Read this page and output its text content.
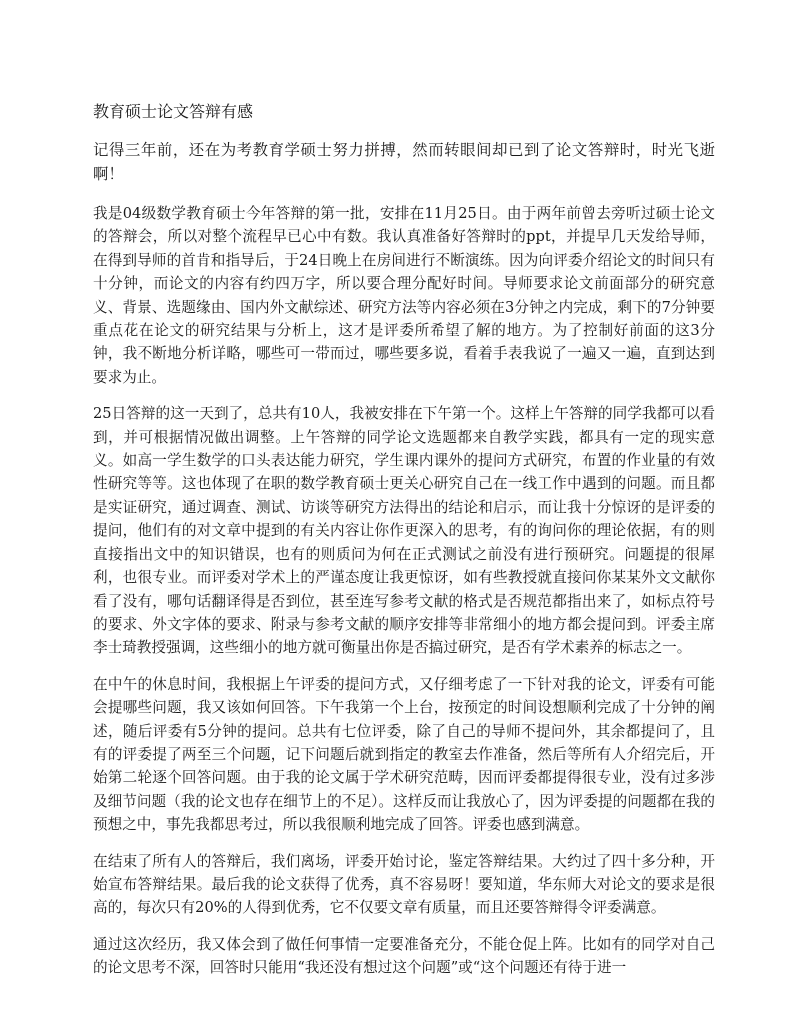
教育硕士论文答辩有感

记得三年前，还在为考教育学硕士努力拼搏，然而转眼间却已到了论文答辩时，时光飞逝啊！

我是04级数学教育硕士今年答辩的第一批，安排在11月25日。由于两年前曾去旁听过硕士论文的答辩会，所以对整个流程早已心中有数。我认真准备好答辩时的ppt，并提早几天发给导师，在得到导师的首肯和指导后，于24日晚上在房间进行不断演练。因为向评委介绍论文的时间只有十分钟，而论文的内容有约四万字，所以要合理分配好时间。导师要求论文前面部分的研究意义、背景、选题缘由、国内外文献综述、研究方法等内容必须在3分钟之内完成，剩下的7分钟要重点花在论文的研究结果与分析上，这才是评委所希望了解的地方。为了控制好前面的这3分钟，我不断地分析详略，哪些可一带而过，哪些要多说，看着手表我说了一遍又一遍，直到达到要求为止。

25日答辩的这一天到了，总共有10人，我被安排在下午第一个。这样上午答辩的同学我都可以看到，并可根据情况做出调整。上午答辩的同学论文选题都来自教学实践，都具有一定的现实意义。如高一学生数学的口头表达能力研究，学生课内课外的提问方式研究，布置的作业量的有效性研究等等。这也体现了在职的数学教育硕士更关心研究自己在一线工作中遇到的问题。而且都是实证研究，通过调查、测试、访谈等研究方法得出的结论和启示，而让我十分惊讶的是评委的提问，他们有的对文章中提到的有关内容让你作更深入的思考，有的询问你的理论依据，有的则直接指出文中的知识错误，也有的则质问为何在正式测试之前没有进行预研究。问题提的很犀利，也很专业。而评委对学术上的严谨态度让我更惊讶，如有些教授就直接问你某某外文文献你看了没有，哪句话翻译得是否到位，甚至连写参考文献的格式是否规范都指出来了，如标点符号的要求、外文字体的要求、附录与参考文献的顺序安排等非常细小的地方都会提问到。评委主席李士琦教授强调，这些细小的地方就可衡量出你是否搞过研究，是否有学术素养的标志之一。

在中午的休息时间，我根据上午评委的提问方式，又仔细考虑了一下针对我的论文，评委有可能会提哪些问题，我又该如何回答。下午我第一个上台，按预定的时间设想顺利完成了十分钟的阐述，随后评委有5分钟的提问。总共有七位评委，除了自己的导师不提问外，其余都提问了，且有的评委提了两至三个问题，记下问题后就到指定的教室去作准备，然后等所有人介绍完后，开始第二轮逐个回答问题。由于我的论文属于学术研究范畴，因而评委都提得很专业，没有过多涉及细节问题（我的论文也存在细节上的不足）。这样反而让我放心了，因为评委提的问题都在我的预想之中，事先我都思考过，所以我很顺利地完成了回答。评委也感到满意。

在结束了所有人的答辩后，我们离场，评委开始讨论，鉴定答辩结果。大约过了四十多分种，开始宣布答辩结果。最后我的论文获得了优秀，真不容易呀！要知道，华东师大对论文的要求是很高的，每次只有20%的人得到优秀，它不仅要文章有质量，而且还要答辩得令评委满意。

通过这次经历，我又体会到了做任何事情一定要准备充分，不能仓促上阵。比如有的同学对自己的论文思考不深，回答时只能用“我还没有想过这个问题”或“这个问题还有待于进一
